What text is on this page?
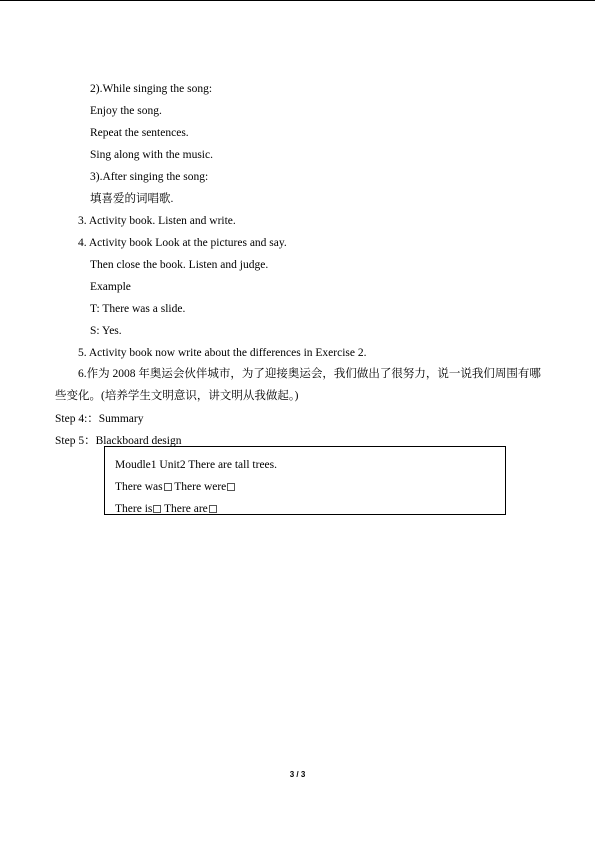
2).While singing the song:
Enjoy the song.
Repeat the sentences.
Sing along with the music.
3).After singing the song:
填喜爱的词唱歌.
3. Activity book. Listen and write.
4. Activity book Look at the pictures and say.
Then close the book. Listen and judge.
Example
T: There was a slide.
S: Yes.
5. Activity book now write about the differences in Exercise 2.
6.作为 2008 年奥运会伙伴城市，为了迎接奥运会，我们做出了很努力，说一说我们周围有哪些变化。(培养学生文明意识，讲文明从我做起。)
Step 4:：Summary
Step 5：Blackboard design
Moudle1 Unit2 There are tall trees.
There was There were
There is There are
3 / 3
